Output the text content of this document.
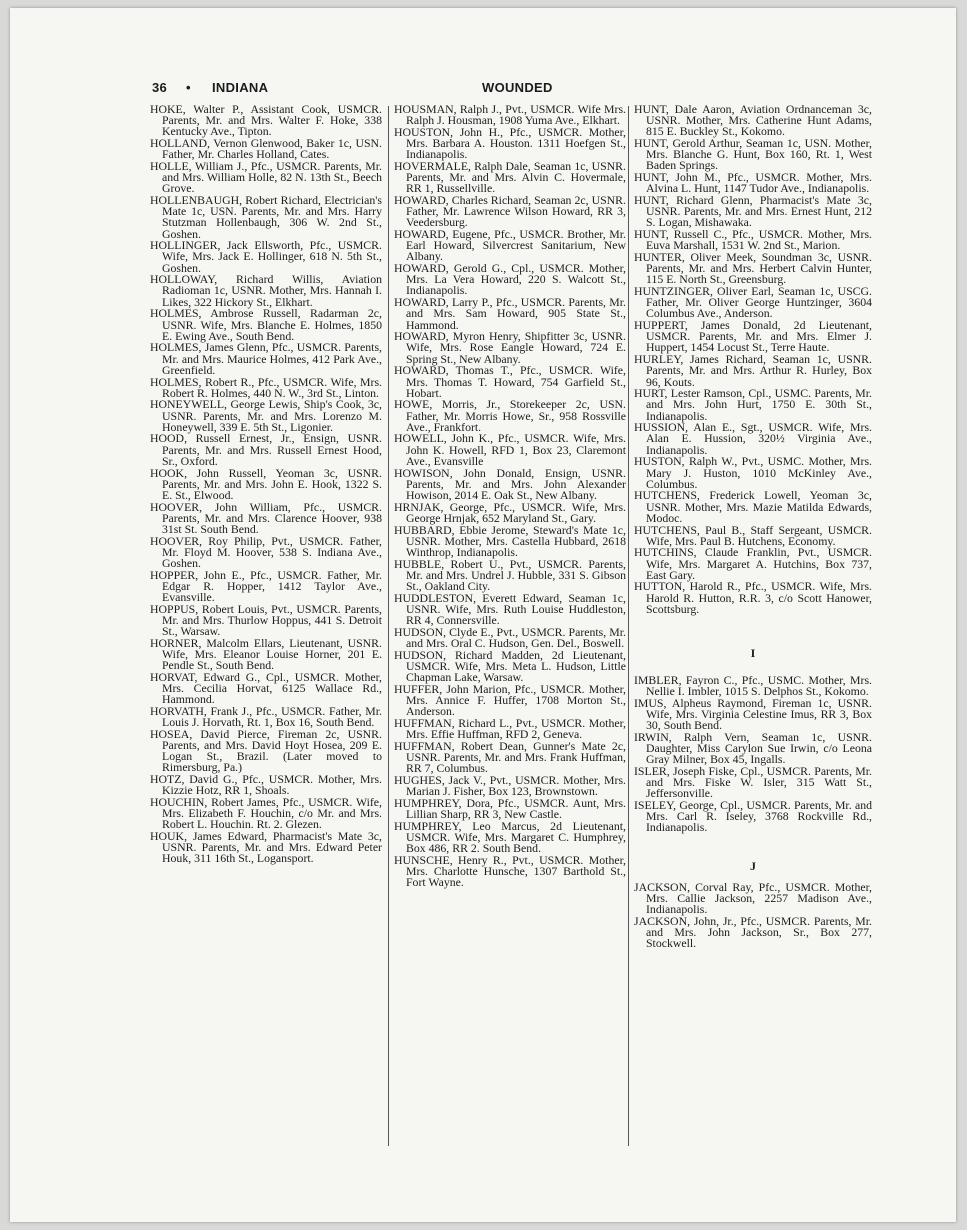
36 • INDIANA	WOUNDED

HOKE, Walter P., Assistant Cook, USMCR. Parents, Mr. and Mrs. Walter F. Hoke, 338 Kentucky Ave., Tipton.

HOLLAND, Vernon Glenwood, Baker 1c, USN. Father, Mr. Charles Holland, Cates.

HOLLE, William J., Pfc., USMCR. Parents, Mr. and Mrs. William Holle, 82 N. 13th St., Beech Grove.

HOLLENBAUGH, Robert Richard, Electrician's Mate 1c, USN. Parents, Mr. and Mrs. Harry Stutzman Hollenbaugh, 306 W. 2nd St., Goshen.

HOLLINGER, Jack Ellsworth, Pfc., USMCR. Wife, Mrs. Jack E. Hollinger, 618 N. 5th St., Goshen.

HOLLOWAY, Richard Willis, Aviation Radioman 1c, USNR. Mother, Mrs. Hannah I. Likes, 322 Hickory St., Elkhart.

HOLMES, Ambrose Russell, Radarman 2c, USNR. Wife, Mrs. Blanche E. Holmes, 1850 E. Ewing Ave., South Bend.

HOLMES, James Glenn, Pfc., USMCR. Parents, Mr. and Mrs. Maurice Holmes, 412 Park Ave., Greenfield.

HOLMES, Robert R., Pfc., USMCR. Wife, Mrs. Robert R. Holmes, 440 N. W., 3rd St., Linton.

HONEYWELL, George Lewis, Ship's Cook, 3c, USNR. Parents, Mr. and Mrs. Lorenzo M. Honeywell, 339 E. 5th St., Ligonier.

HOOD, Russell Ernest, Jr., Ensign, USNR. Parents, Mr. and Mrs. Russell Ernest Hood, Sr., Oxford.

HOOK, John Russell, Yeoman 3c, USNR. Parents, Mr. and Mrs. John E. Hook, 1322 S. E. St., Elwood.

HOOVER, John William, Pfc., USMCR. Parents, Mr. and Mrs. Clarence Hoover, 938 31st St. South Bend.

HOOVER, Roy Philip, Pvt., USMCR. Father, Mr. Floyd M. Hoover, 538 S. Indiana Ave., Goshen.

HOPPER, John E., Pfc., USMCR. Father, Mr. Edgar R. Hopper, 1412 Taylor Ave., Evansville.

HOPPUS, Robert Louis, Pvt., USMCR. Parents, Mr. and Mrs. Thurlow Hoppus, 441 S. Detroit St., Warsaw.

HORNER, Malcolm Ellars, Lieutenant, USNR. Wife, Mrs. Eleanor Louise Horner, 201 E. Pendle St., South Bend.

HORVAT, Edward G., Cpl., USMCR. Mother, Mrs. Cecilia Horvat, 6125 Wallace Rd., Hammond.

HORVATH, Frank J., Pfc., USMCR. Father, Mr. Louis J. Horvath, Rt. 1, Box 16, South Bend.

HOSEA, David Pierce, Fireman 2c, USNR. Parents, and Mrs. David Hoyt Hosea, 209 E. Logan St., Brazil. (Later moved to Rimersburg, Pa.)

HOTZ, David G., Pfc., USMCR. Mother, Mrs. Kizzie Hotz, RR 1, Shoals.

HOUCHIN, Robert James, Pfc., USMCR. Wife, Mrs. Elizabeth F. Houchin, c/o Mr. and Mrs. Robert L. Houchin. Rt. 2. Glezen.

HOUK, James Edward, Pharmacist's Mate 3c, USNR. Parents, Mr. and Mrs. Edward Peter Houk, 311 16th St., Logansport.

HOUSMAN, Ralph J., Pvt., USMCR. Wife Mrs. Ralph J. Housman, 1908 Yuma Ave., Elkhart.

HOUSTON, John H., Pfc., USMCR. Mother, Mrs. Barbara A. Houston. 1311 Hoefgen St., Indianapolis.

HOVERMALE, Ralph Dale, Seaman 1c, USNR. Parents, Mr. and Mrs. Alvin C. Hovermale, RR 1, Russellville.

HOWARD, Charles Richard, Seaman 2c, USNR. Father, Mr. Lawrence Wilson Howard, RR 3, Veedersburg.

HOWARD, Eugene, Pfc., USMCR. Brother, Mr. Earl Howard, Silvercrest Sanitarium, New Albany.

HOWARD, Gerold G., Cpl., USMCR. Mother, Mrs. La Vera Howard, 220 S. Walcott St., Indianapolis.

HOWARD, Larry P., Pfc., USMCR. Parents, Mr. and Mrs. Sam Howard, 905 State St., Hammond.

HOWARD, Myron Henry, Shipfitter 3c, USNR. Wife, Mrs. Rose Eangle Howard, 724 E. Spring St., New Albany.

HOWARD, Thomas T., Pfc., USMCR. Wife, Mrs. Thomas T. Howard, 754 Garfield St., Hobart.

HOWE, Morris, Jr., Storekeeper 2c, USN. Father, Mr. Morris Howe, Sr., 958 Rossville Ave., Frankfort.

HOWELL, John K., Pfc., USMCR. Wife, Mrs. John K. Howell, RFD 1, Box 23, Claremont Ave., Evansville

HOWISON, John Donald, Ensign, USNR. Parents, Mr. and Mrs. John Alexander Howison, 2014 E. Oak St., New Albany.

HRNJAK, George, Pfc., USMCR. Wife, Mrs. George Hrnjak, 652 Maryland St., Gary.

HUBBARD, Ebbie Jerome, Steward's Mate 1c, USNR. Mother, Mrs. Castella Hubbard, 2618 Winthrop, Indianapolis.

HUBBLE, Robert U., Pvt., USMCR. Parents, Mr. and Mrs. Undrel J. Hubble, 331 S. Gibson St., Oakland City.

HUDDLESTON, Everett Edward, Seaman 1c, USNR. Wife, Mrs. Ruth Louise Huddleston, RR 4, Connersville.

HUDSON, Clyde E., Pvt., USMCR. Parents, Mr. and Mrs. Oral C. Hudson, Gen. Del., Boswell.

HUDSON, Richard Madden, 2d Lieutenant, USMCR. Wife, Mrs. Meta L. Hudson, Little Chapman Lake, Warsaw.

HUFFER, John Marion, Pfc., USMCR. Mother, Mrs. Annice F. Huffer, 1708 Morton St., Anderson.

HUFFMAN, Richard L., Pvt., USMCR. Mother, Mrs. Effie Huffman, RFD 2, Geneva.

HUFFMAN, Robert Dean, Gunner's Mate 2c, USNR. Parents, Mr. and Mrs. Frank Huffman, RR 7, Columbus.

HUGHES, Jack V., Pvt., USMCR. Mother, Mrs. Marian J. Fisher, Box 123, Brownstown.

HUMPHREY, Dora, Pfc., USMCR. Aunt, Mrs. Lillian Sharp, RR 3, New Castle.

HUMPHREY, Leo Marcus, 2d Lieutenant, USMCR. Wife, Mrs. Margaret C. Humphrey, Box 486, RR 2. South Bend.

HUNSCHE, Henry R., Pvt., USMCR. Mother, Mrs. Charlotte Hunsche, 1307 Barthold St., Fort Wayne.

HUNT, Dale Aaron, Aviation Ordnanceman 3c, USNR. Mother, Mrs. Catherine Hunt Adams, 815 E. Buckley St., Kokomo.

HUNT, Gerold Arthur, Seaman 1c, USN. Mother, Mrs. Blanche G. Hunt, Box 160, Rt. 1, West Baden Springs.

HUNT, John M., Pfc., USMCR. Mother, Mrs. Alvina L. Hunt, 1147 Tudor Ave., Indianapolis.

HUNT, Richard Glenn, Pharmacist's Mate 3c, USNR. Parents, Mr. and Mrs. Ernest Hunt, 212 S. Logan, Mishawaka.

HUNT, Russell C., Pfc., USMCR. Mother, Mrs. Euva Marshall, 1531 W. 2nd St., Marion.

HUNTER, Oliver Meek, Soundman 3c, USNR. Parents, Mr. and Mrs. Herbert Calvin Hunter, 115 E. North St., Greensburg.

HUNTZINGER, Oliver Earl, Seaman 1c, USCG. Father, Mr. Oliver George Huntzinger, 3604 Columbus Ave., Anderson.

HUPPERT, James Donald, 2d Lieutenant, USMCR. Parents, Mr. and Mrs. Elmer J. Huppert, 1454 Locust St., Terre Haute.

HURLEY, James Richard, Seaman 1c, USNR. Parents, Mr. and Mrs. Arthur R. Hurley, Box 96, Kouts.

HURT, Lester Ramson, Cpl., USMC. Parents, Mr. and Mrs. John Hurt, 1750 E. 30th St., Indianapolis.

HUSSION, Alan E., Sgt., USMCR. Wife, Mrs. Alan E. Hussion, 320½ Virginia Ave., Indianapolis.

HUSTON, Ralph W., Pvt., USMC. Mother, Mrs. Mary J. Huston, 1010 McKinley Ave., Columbus.

HUTCHENS, Frederick Lowell, Yeoman 3c, USNR. Mother, Mrs. Mazie Matilda Edwards, Modoc.

HUTCHENS, Paul B., Staff Sergeant, USMCR. Wife, Mrs. Paul B. Hutchens, Economy.

HUTCHINS, Claude Franklin, Pvt., USMCR. Wife, Mrs. Margaret A. Hutchins, Box 737, East Gary.

HUTTON, Harold R., Pfc., USMCR. Wife, Mrs. Harold R. Hutton, R.R. 3, c/o Scott Hanower, Scottsburg.

I

IMBLER, Fayron C., Pfc., USMC. Mother, Mrs. Nellie I. Imbler, 1015 S. Delphos St., Kokomo.

IMUS, Alpheus Raymond, Fireman 1c, USNR. Wife, Mrs. Virginia Celestine Imus, RR 3, Box 30, South Bend.

IRWIN, Ralph Vern, Seaman 1c, USNR. Daughter, Miss Carylon Sue Irwin, c/o Leona Gray Milner, Box 45, Ingalls.

ISLER, Joseph Fiske, Cpl., USMCR. Parents, Mr. and Mrs. Fiske W. Isler, 315 Watt St., Jeffersonville.

ISELEY, George, Cpl., USMCR. Parents, Mr. and Mrs. Carl R. Iseley, 3768 Rockville Rd., Indianapolis.

J

JACKSON, Corval Ray, Pfc., USMCR. Mother, Mrs. Callie Jackson, 2257 Madison Ave., Indianapolis.

JACKSON, John, Jr., Pfc., USMCR. Parents, Mr. and Mrs. John Jackson, Sr., Box 277, Stockwell.
